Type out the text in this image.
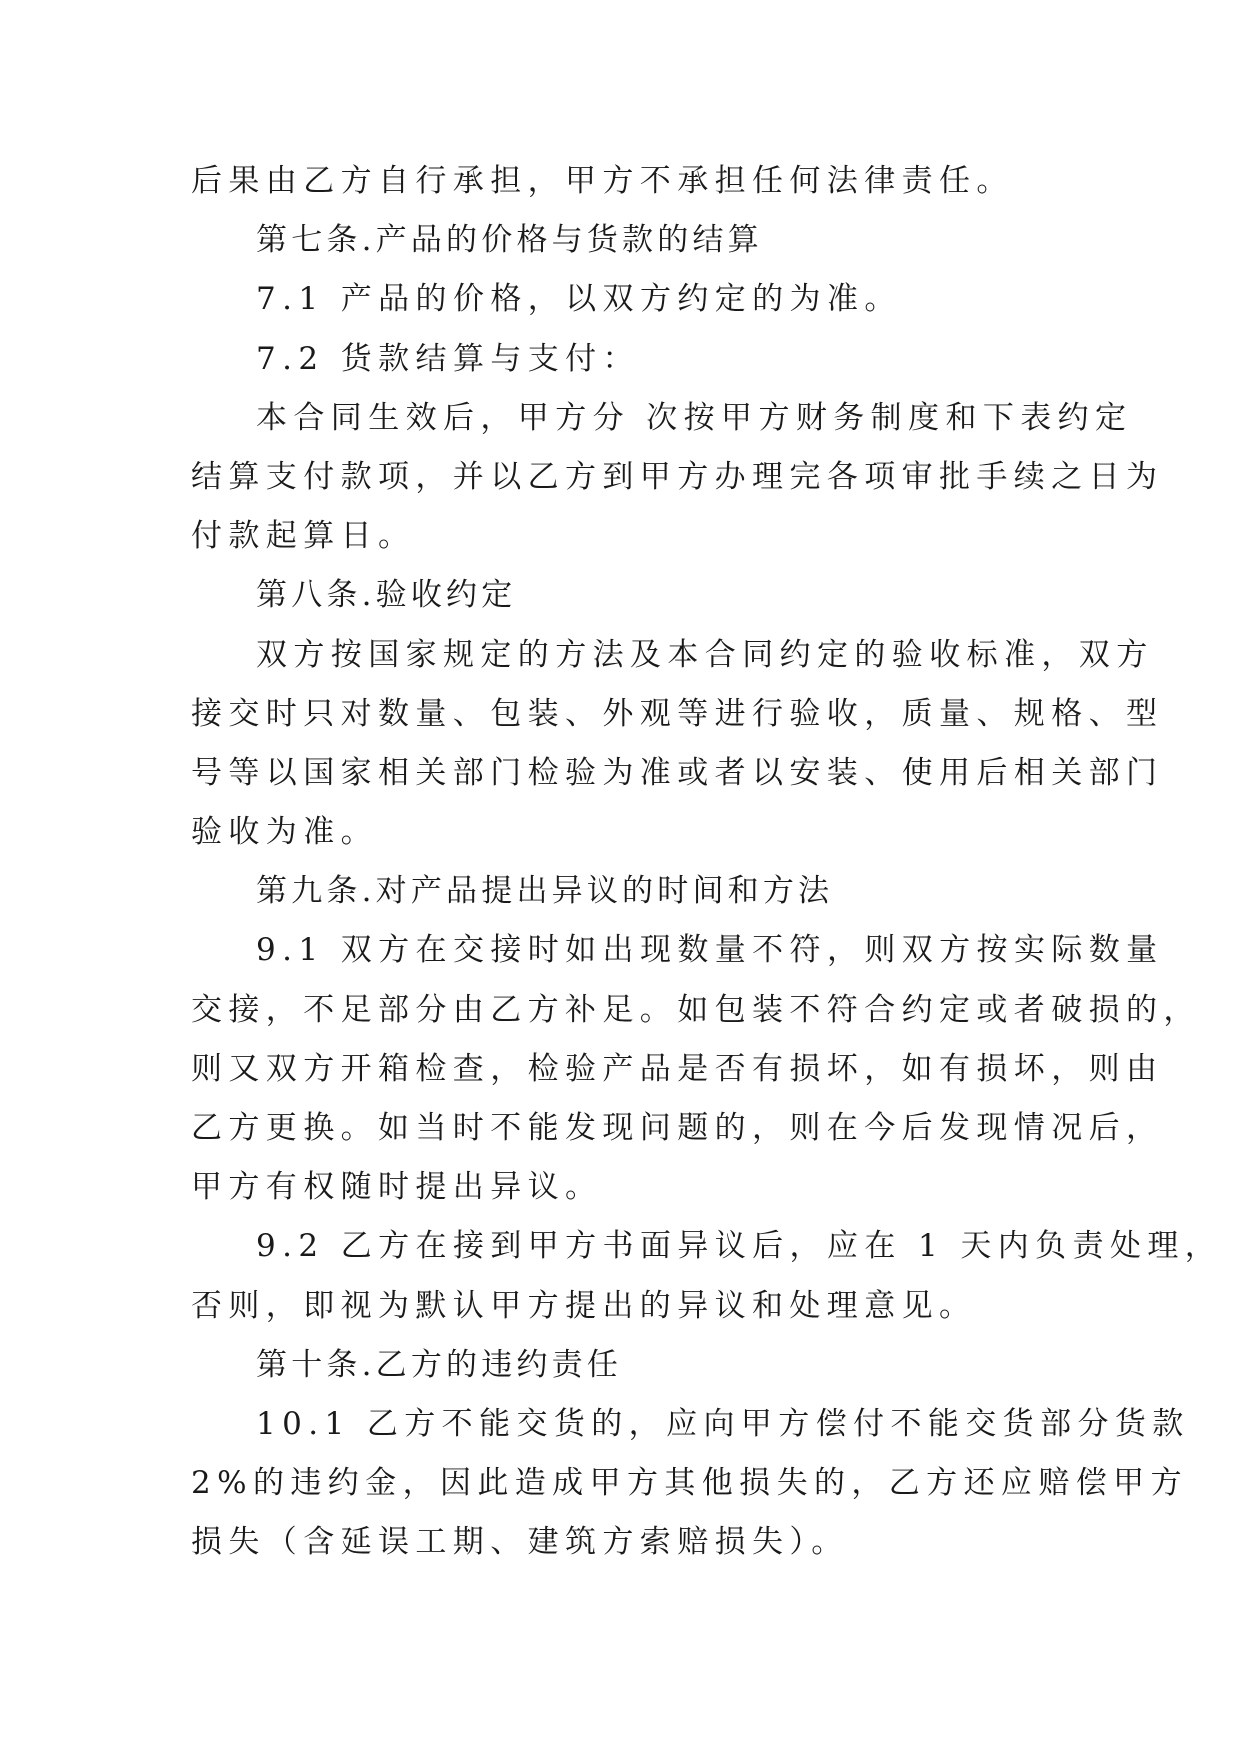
后果由乙方自行承担，甲方不承担任何法律责任。
第七条.产品的价格与货款的结算
7.1 产品的价格，以双方约定的为准。
7.2 货款结算与支付：
本合同生效后，甲方分 次按甲方财务制度和下表约定
结算支付款项，并以乙方到甲方办理完各项审批手续之日为
付款起算日。
第八条.验收约定
双方按国家规定的方法及本合同约定的验收标准，双方
接交时只对数量、包装、外观等进行验收，质量、规格、型
号等以国家相关部门检验为准或者以安装、使用后相关部门
验收为准。
第九条.对产品提出异议的时间和方法
9.1 双方在交接时如出现数量不符，则双方按实际数量
交接，不足部分由乙方补足。如包装不符合约定或者破损的，
则又双方开箱检查，检验产品是否有损坏，如有损坏，则由
乙方更换。如当时不能发现问题的，则在今后发现情况后，
甲方有权随时提出异议。
9.2 乙方在接到甲方书面异议后，应在 1 天内负责处理，
否则，即视为默认甲方提出的异议和处理意见。
第十条.乙方的违约责任
10.1 乙方不能交货的，应向甲方偿付不能交货部分货款
2%的违约金，因此造成甲方其他损失的，乙方还应赔偿甲方
损失（含延误工期、建筑方索赔损失）。
